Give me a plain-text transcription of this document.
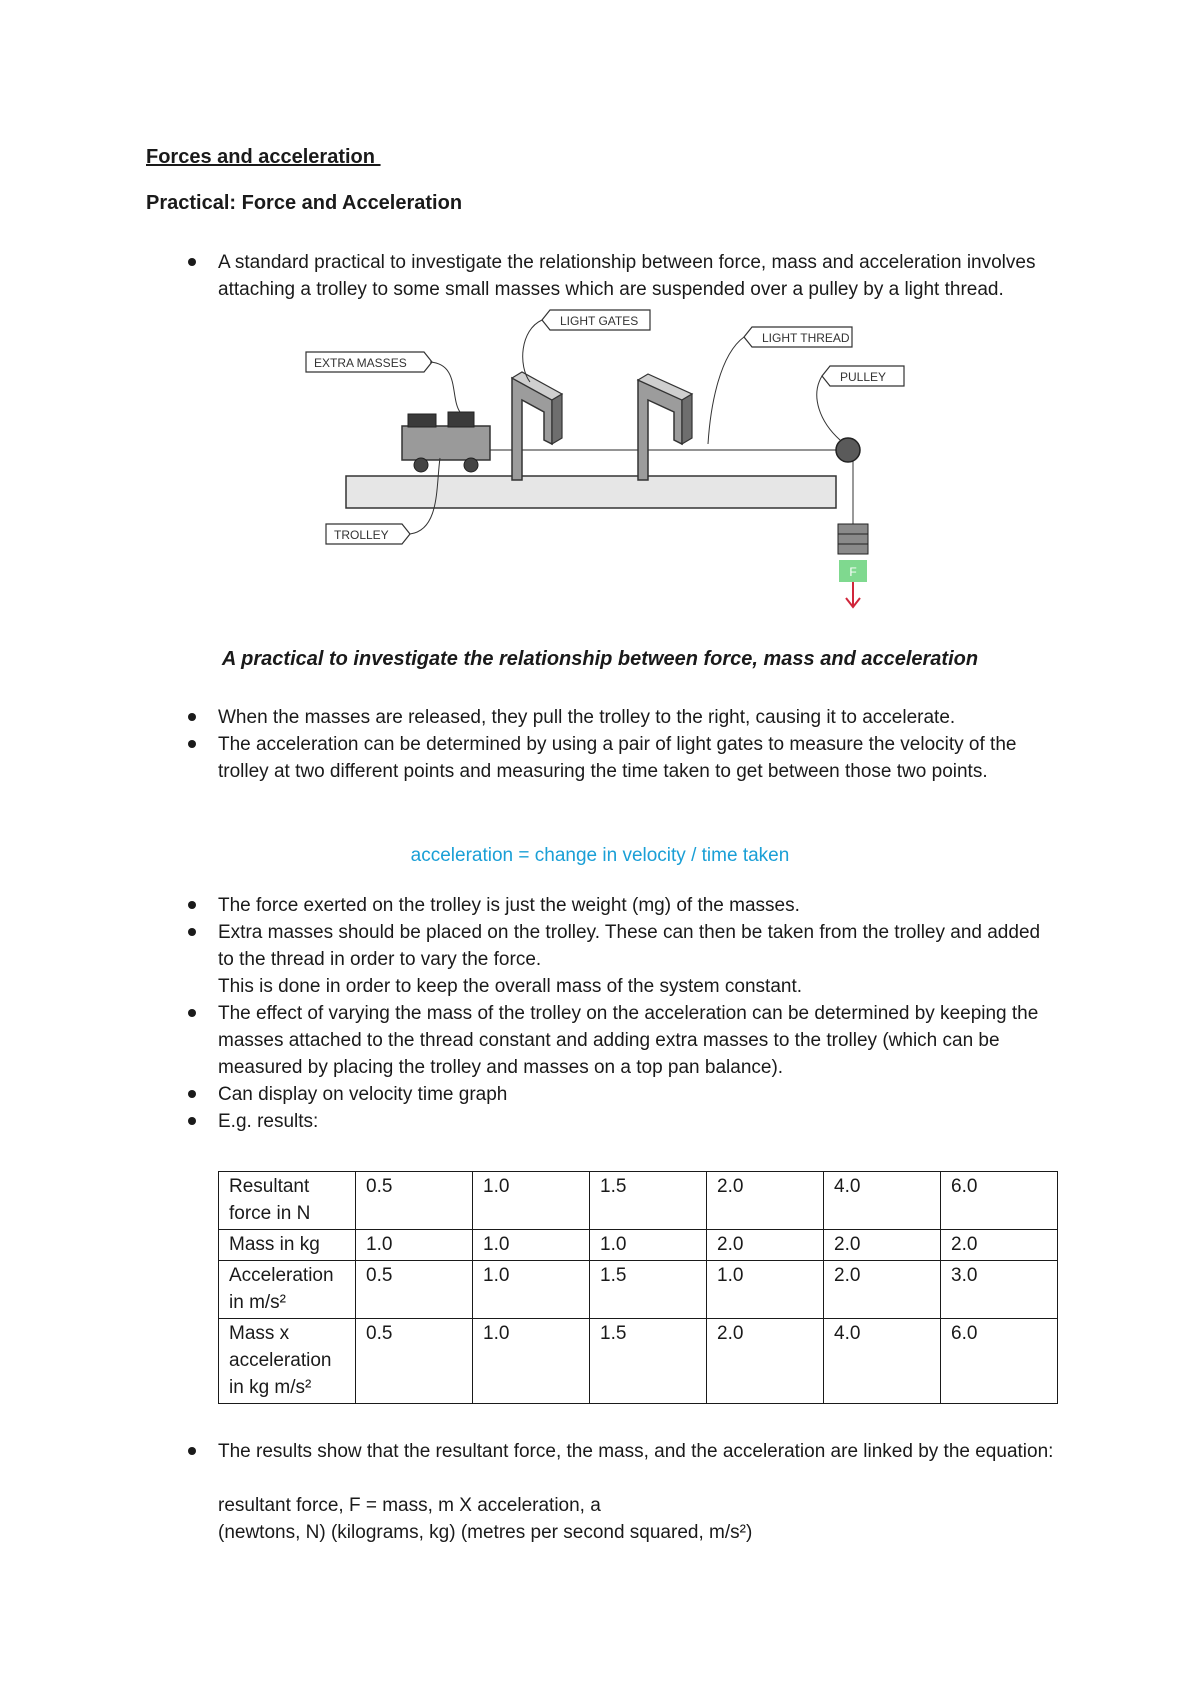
Forces and acceleration
Practical: Force and Acceleration
A standard practical to investigate the relationship between force, mass and acceleration involves attaching a trolley to some small masses which are suspended over a pulley by a light thread.
F
EXTRA MASSES
LIGHT GATES
LIGHT THREAD
PULLEY
TROLLEY
A practical to investigate the relationship between force, mass and acceleration
When the masses are released, they pull the trolley to the right, causing it to accelerate.
The acceleration can be determined by using a pair of light gates to measure the velocity of the trolley at two different points and measuring the time taken to get between those two points.
acceleration = change in velocity / time taken
The force exerted on the trolley is just the weight (mg) of the masses.
Extra masses should be placed on the trolley. These can then be taken from the trolley and added to the thread in order to vary the force.
This is done in order to keep the overall mass of the system constant.
The effect of varying the mass of the trolley on the acceleration can be determined by keeping the masses attached to the thread constant and adding extra masses to the trolley (which can be measured by placing the trolley and masses on a top pan balance).
Can display on velocity time graph
E.g. results:
Resultant force in N	0.5	1.0	1.5	2.0	4.0	6.0
Mass in kg	1.0	1.0	1.0	2.0	2.0	2.0
Acceleration in m/s²	0.5	1.0	1.5	1.0	2.0	3.0
Mass x acceleration in kg m/s²	0.5	1.0	1.5	2.0	4.0	6.0
The results show that the resultant force, the mass, and the acceleration are linked by the equation:
resultant force, F = mass, m X acceleration, a
(newtons, N) (kilograms, kg) (metres per second squared, m/s²)
